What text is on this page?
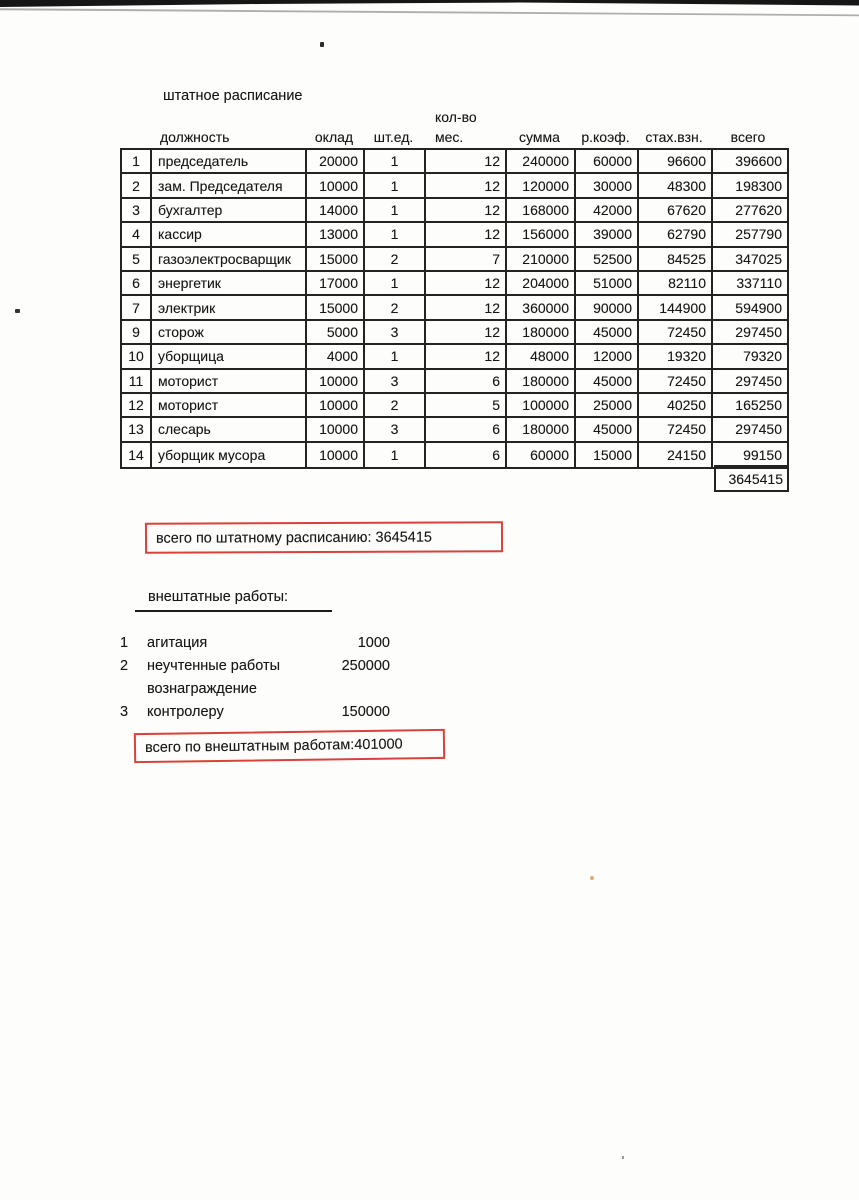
штатное расписание
должность	оклад	шт.ед.
кол-во
мес.	сумма	р.коэф.	стах.взн.	всего
1	председатель	20000	1	12	240000	60000	96600	396600
2	зам. Председателя	10000	1	12	120000	30000	48300	198300
3	бухгалтер	14000	1	12	168000	42000	67620	277620
4	кассир	13000	1	12	156000	39000	62790	257790
5	газоэлектросварщик	15000	2	7	210000	52500	84525	347025
6	энергетик	17000	1	12	204000	51000	82110	337110
7	электрик	15000	2	12	360000	90000	144900	594900
9	сторож	5000	3	12	180000	45000	72450	297450
10	уборщица	4000	1	12	48000	12000	19320	79320
11	моторист	10000	3	6	180000	45000	72450	297450
12	моторист	10000	2	5	100000	25000	40250	165250
13	слесарь	10000	3	6	180000	45000	72450	297450
14	уборщик мусора	10000	1	6	60000	15000	24150	99150
3645415
всего по штатному расписанию: 3645415
внештатные работы:
1	агитация	1000
2	неучтенные работы	250000
вознаграждение
3	контролеру	150000
всего по внештатным работам:401000
